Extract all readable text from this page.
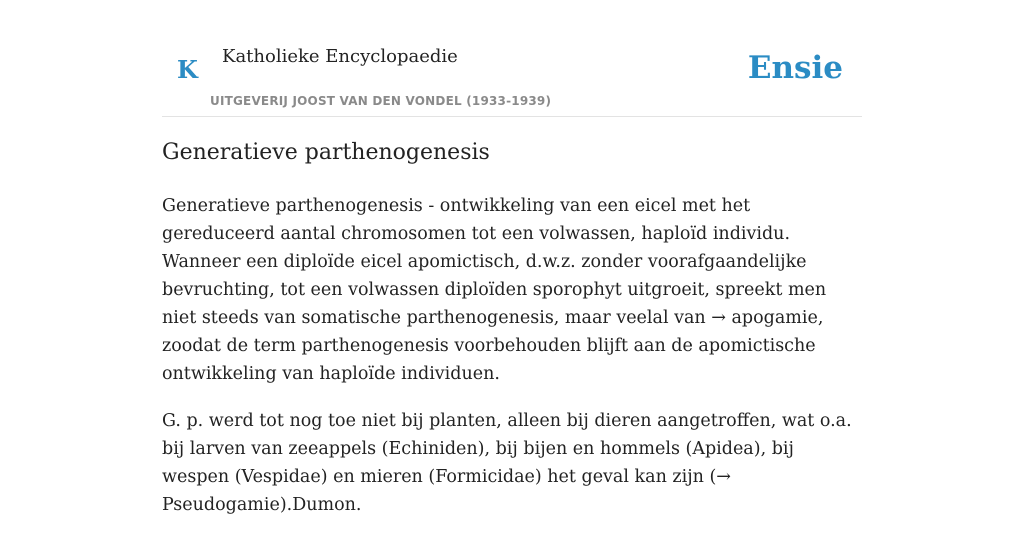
K Katholieke Encyclopaedie
UITGEVERIJ JOOST VAN DEN VONDEL (1933-1939)
Ensie
Generatieve parthenogenesis

Generatieve parthenogenesis - ontwikkeling van een eicel met het gereduceerd aantal chromosomen tot een volwassen, haploïd individu. Wanneer een diploïde eicel apomictisch, d.w.z. zonder voorafgaandelijke bevruchting, tot een volwassen diploïden sporophyt uitgroeit, spreekt men niet steeds van somatische parthenogenesis, maar veelal van → apogamie, zoodat de term parthenogenesis voorbehouden blijft aan de apomictische ontwikkeling van haploïde individuen.

G. p. werd tot nog toe niet bij planten, alleen bij dieren aangetroffen, wat o.a. bij larven van zeeappels (Echiniden), bij bijen en hommels (Apidea), bij wespen (Vespidae) en mieren (Formicidae) het geval kan zijn (→ Pseudogamie).Dumon.
